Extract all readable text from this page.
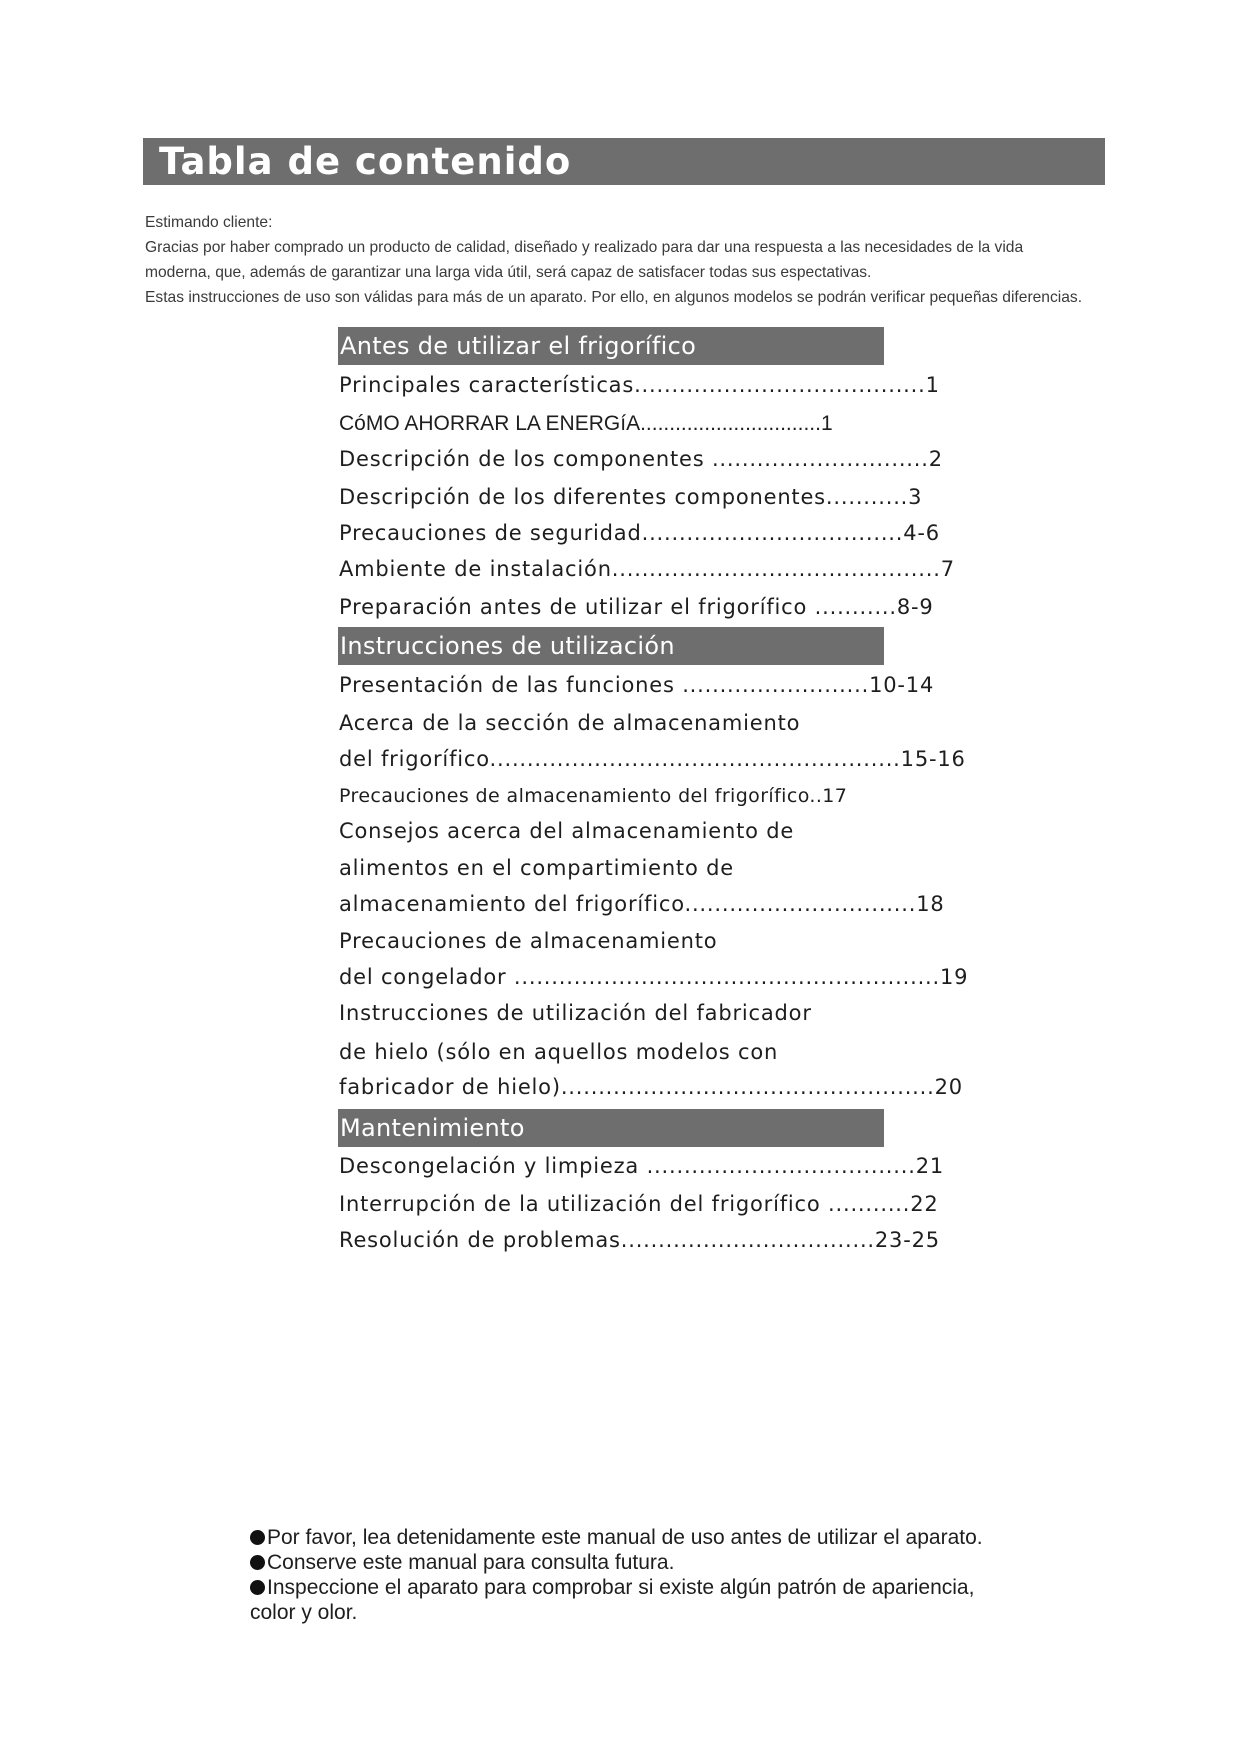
Tabla de contenido
Estimando cliente:
Gracias por haber comprado un producto de calidad, diseñado y realizado para dar una respuesta a las necesidades de la vida
moderna, que, además de garantizar una larga vida útil, será capaz de satisfacer todas sus espectativas.
Estas instrucciones de uso son válidas para más de un aparato. Por ello, en algunos modelos se podrán verificar pequeñas diferencias.
Antes de utilizar el frigorífico
Principales características.......................................1
CóMO AHORRAR LA ENERGíA...............................1
Descripción de los componentes .............................2
Descripción de los diferentes componentes...........3
Precauciones de seguridad...................................4-6
Ambiente de instalación............................................7
Preparación antes de utilizar el frigorífico ...........8-9
Instrucciones de utilización
Presentación de las funciones .........................10-14
Acerca de la sección de almacenamiento
del frigorífico.......................................................15-16
Precauciones de almacenamiento del frigorífico..17
Consejos acerca del almacenamiento de
alimentos en el compartimiento de
almacenamiento del frigorífico...............................18
Precauciones de almacenamiento
del congelador .........................................................19
Instrucciones de utilización del fabricador
de hielo (sólo en aquellos modelos con
fabricador de hielo)..................................................20
Mantenimiento
Descongelación y limpieza ....................................21
Interrupción de la utilización del frigorífico ...........22
Resolución de problemas..................................23-25
Por favor, lea detenidamente este manual de uso antes de utilizar el aparato.
Conserve este manual para consulta futura.
Inspeccione el aparato para comprobar si existe algún patrón de apariencia,
color y olor.
